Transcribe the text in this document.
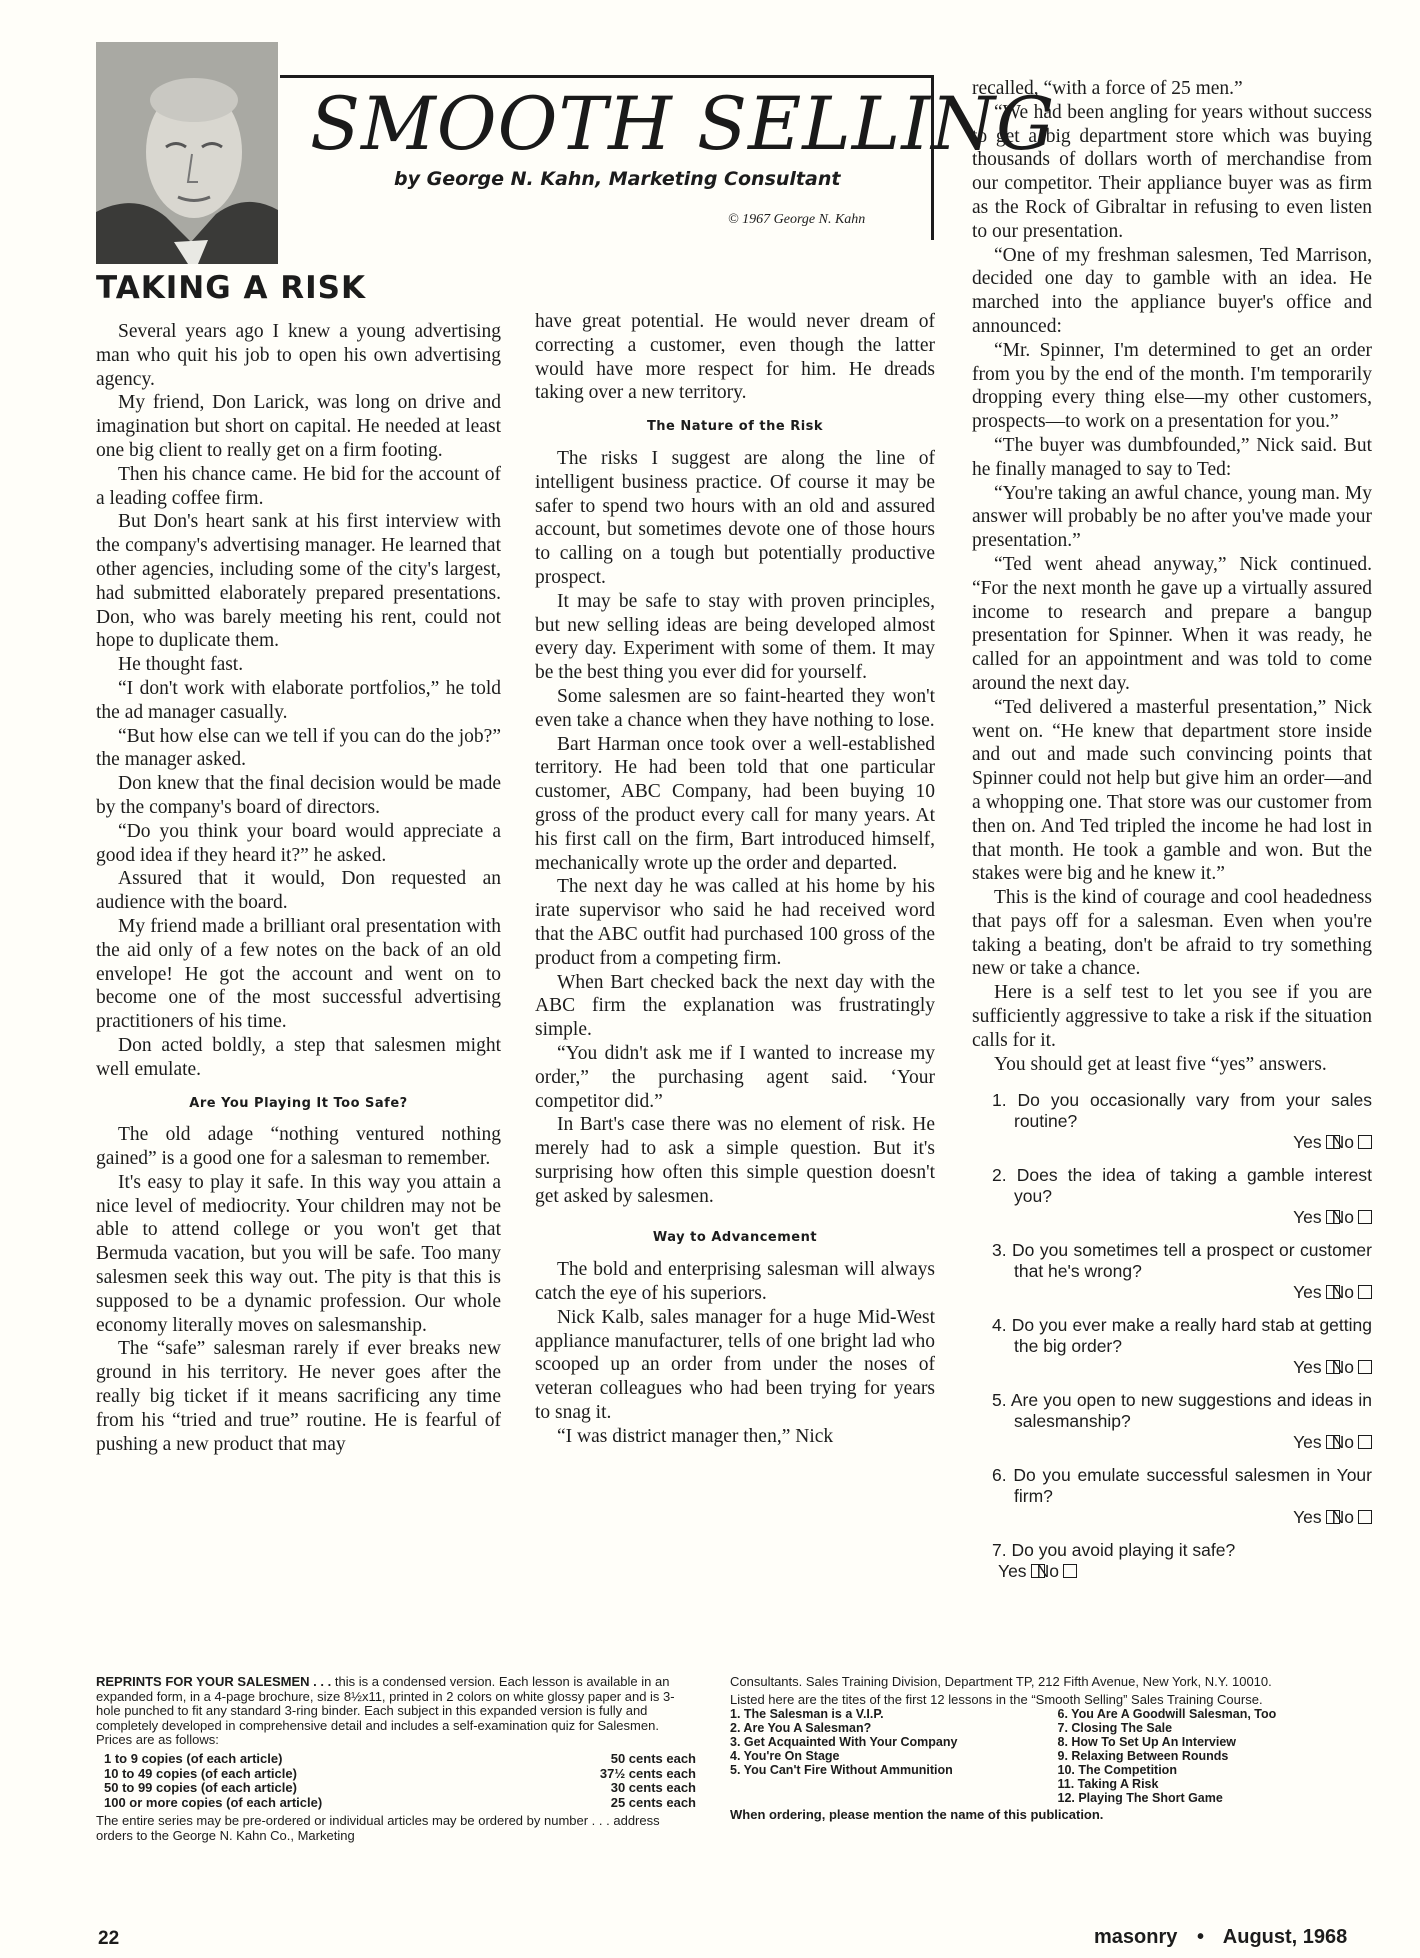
SMOOTH SELLING
by George N. Kahn, Marketing Consultant
© 1967 George N. Kahn
TAKING A RISK

Several years ago I knew a young advertising man who quit his job to open his own advertising agency.

My friend, Don Larick, was long on drive and imagination but short on capital. He needed at least one big client to really get on a firm footing.

Then his chance came. He bid for the account of a leading coffee firm.

But Don's heart sank at his first interview with the company's advertising manager. He learned that other agencies, including some of the city's largest, had submitted elaborately prepared presentations. Don, who was barely meeting his rent, could not hope to duplicate them.

He thought fast.

“I don't work with elaborate portfolios,” he told the ad manager casually.

“But how else can we tell if you can do the job?” the manager asked.

Don knew that the final decision would be made by the company's board of directors.

“Do you think your board would appreciate a good idea if they heard it?” he asked.

Assured that it would, Don requested an audience with the board.

My friend made a brilliant oral presentation with the aid only of a few notes on the back of an old envelope! He got the account and went on to become one of the most successful advertising practitioners of his time.

Don acted boldly, a step that salesmen might well emulate.

Are You Playing It Too Safe?

The old adage “nothing ventured nothing gained” is a good one for a salesman to remember.

It's easy to play it safe. In this way you attain a nice level of mediocrity. Your children may not be able to attend college or you won't get that Bermuda vacation, but you will be safe. Too many salesmen seek this way out. The pity is that this is supposed to be a dynamic profession. Our whole economy literally moves on salesmanship.

The “safe” salesman rarely if ever breaks new ground in his territory. He never goes after the really big ticket if it means sacrificing any time from his “tried and true” routine. He is fearful of pushing a new product that may

have great potential. He would never dream of correcting a customer, even though the latter would have more respect for him. He dreads taking over a new territory.

The Nature of the Risk

The risks I suggest are along the line of intelligent business practice. Of course it may be safer to spend two hours with an old and assured account, but sometimes devote one of those hours to calling on a tough but potentially productive prospect.

It may be safe to stay with proven principles, but new selling ideas are being developed almost every day. Experiment with some of them. It may be the best thing you ever did for yourself.

Some salesmen are so faint-hearted they won't even take a chance when they have nothing to lose.

Bart Harman once took over a well-established territory. He had been told that one particular customer, ABC Company, had been buying 10 gross of the product every call for many years. At his first call on the firm, Bart introduced himself, mechanically wrote up the order and departed.

The next day he was called at his home by his irate supervisor who said he had received word that the ABC outfit had purchased 100 gross of the product from a competing firm.

When Bart checked back the next day with the ABC firm the explanation was frustratingly simple.

“You didn't ask me if I wanted to increase my order,” the purchasing agent said. ‘Your competitor did.”

In Bart's case there was no element of risk. He merely had to ask a simple question. But it's surprising how often this simple question doesn't get asked by salesmen.

Way to Advancement

The bold and enterprising salesman will always catch the eye of his superiors.

Nick Kalb, sales manager for a huge Mid-West appliance manufacturer, tells of one bright lad who scooped up an order from under the noses of veteran colleagues who had been trying for years to snag it.

“I was district manager then,” Nick

recalled, “with a force of 25 men.”

“We had been angling for years without success to get a big department store which was buying thousands of dollars worth of merchandise from our competitor. Their appliance buyer was as firm as the Rock of Gibraltar in refusing to even listen to our presentation.

“One of my freshman salesmen, Ted Marrison, decided one day to gamble with an idea. He marched into the appliance buyer's office and announced:

“Mr. Spinner, I'm determined to get an order from you by the end of the month. I'm temporarily dropping every thing else—my other customers, prospects—to work on a presentation for you.”

“The buyer was dumbfounded,” Nick said. But he finally managed to say to Ted:

“You're taking an awful chance, young man. My answer will probably be no after you've made your presentation.”

“Ted went ahead anyway,” Nick continued. “For the next month he gave up a virtually assured income to research and prepare a bangup presentation for Spinner. When it was ready, he called for an appointment and was told to come around the next day.

“Ted delivered a masterful presentation,” Nick went on. “He knew that department store inside and out and made such convincing points that Spinner could not help but give him an order—and a whopping one. That store was our customer from then on. And Ted tripled the income he had lost in that month. He took a gamble and won. But the stakes were big and he knew it.”

This is the kind of courage and cool headedness that pays off for a salesman. Even when you're taking a beating, don't be afraid to try something new or take a chance.

Here is a self test to let you see if you are sufficiently aggressive to take a risk if the situation calls for it.

You should get at least five “yes” answers.

1. Do you occasionally vary from your sales routine?
Yes No
2. Does the idea of taking a gamble interest you?
Yes No
3. Do you sometimes tell a prospect or customer that he's wrong?
Yes No
4. Do you ever make a really hard stab at getting the big order?
Yes No
5. Are you open to new suggestions and ideas in salesmanship?
Yes No
6. Do you emulate successful salesmen in Your firm?
Yes No
7. Do you avoid playing it safe?
Yes No
REPRINTS FOR YOUR SALESMEN . . . this is a condensed version. Each lesson is available in an expanded form, in a 4-page brochure, size 8½x11, printed in 2 colors on white glossy paper and is 3-hole punched to fit any standard 3-ring binder. Each subject in this expanded version is fully and completely developed in comprehensive detail and includes a self-examination quiz for Salesmen. Prices are as follows:
1 to 9 copies (of each article)	50 cents each
10 to 49 copies (of each article)	37½ cents each
50 to 99 copies (of each article)	30 cents each
100 or more copies (of each article)	25 cents each
The entire series may be pre-ordered or individual articles may be ordered by number . . . address orders to the George N. Kahn Co., Marketing
Consultants. Sales Training Division, Department TP, 212 Fifth Avenue, New York, N.Y. 10010.
Listed here are the tites of the first 12 lessons in the “Smooth Selling” Sales Training Course.
1. The Salesman is a V.I.P.	6. You Are A Goodwill Salesman, Too
2. Are You A Salesman?	7. Closing The Sale
3. Get Acquainted With Your Company	8. How To Set Up An Interview
4. You're On Stage	9. Relaxing Between Rounds
5. You Can't Fire Without Ammunition	10. The Competition
11. Taking A Risk
12. Playing The Short Game
When ordering, please mention the name of this publication.
22	masonry • August, 1968
